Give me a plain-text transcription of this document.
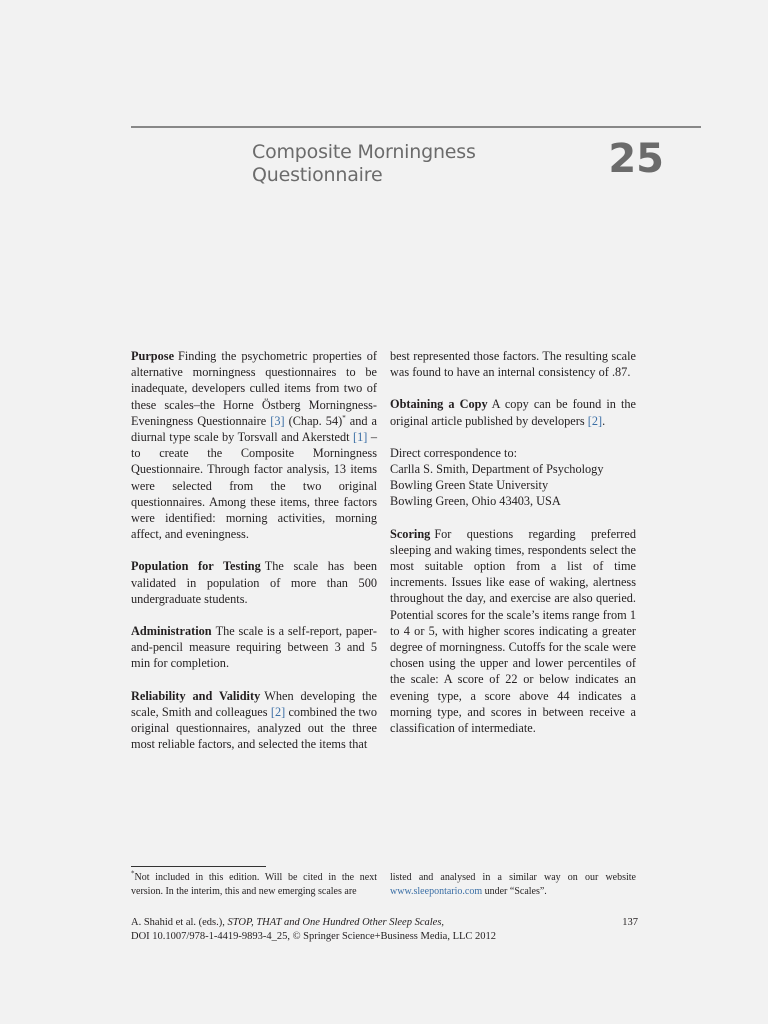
Composite Morningness
Questionnaire	25

Purpose Finding the psychometric properties of alternative morningness questionnaires to be inadequate, developers culled items from two of these scales–the Horne Östberg Morningness-Eveningness Questionnaire [3] (Chap. 54)* and a diurnal type scale by Torsvall and Akerstedt [1] – to create the Composite Morningness Questionnaire. Through factor analysis, 13 items were selected from the two original questionnaires. Among these items, three factors were identified: morning activities, morning affect, and eveningness.

Population for Testing The scale has been validated in population of more than 500 undergraduate students.

Administration The scale is a self-report, paper-and-pencil measure requiring between 3 and 5 min for completion.

Reliability and Validity When developing the scale, Smith and colleagues [2] combined the two original questionnaires, analyzed out the three most reliable factors, and selected the items that

best represented those factors. The resulting scale was found to have an internal consistency of .87.

Obtaining a Copy A copy can be found in the original article published by developers [2].

Direct correspondence to:

Carlla S. Smith, Department of Psychology

Bowling Green State University

Bowling Green, Ohio 43403, USA

Scoring For questions regarding preferred sleeping and waking times, respondents select the most suitable option from a list of time increments. Issues like ease of waking, alertness throughout the day, and exercise are also queried. Potential scores for the scale’s items range from 1 to 4 or 5, with higher scores indicating a greater degree of morningness. Cutoffs for the scale were chosen using the upper and lower percentiles of the scale: A score of 22 or below indicates an evening type, a score above 44 indicates a morning type, and scores in between receive a classification of intermediate.

*Not included in this edition. Will be cited in the next version. In the interim, this and new emerging scales are
listed and analysed in a similar way on our website www.sleepontario.com under “Scales”.
A. Shahid et al. (eds.), STOP, THAT and One Hundred Other Sleep Scales,
DOI 10.1007/978-1-4419-9893-4_25, © Springer Science+Business Media, LLC 2012
137
